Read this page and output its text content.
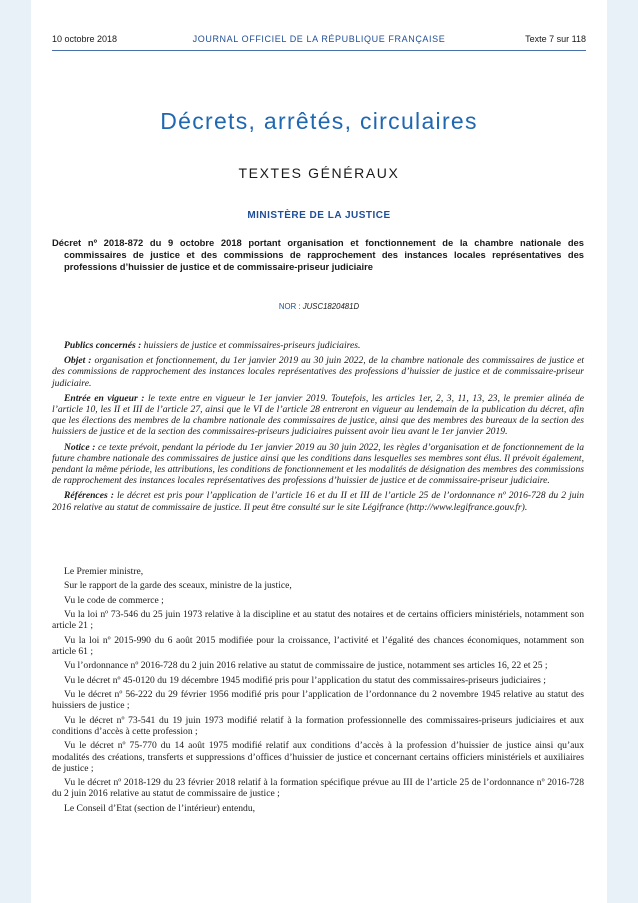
10 octobre 2018	JOURNAL OFFICIEL DE LA RÉPUBLIQUE FRANÇAISE	Texte 7 sur 118
Décrets, arrêtés, circulaires
TEXTES GÉNÉRAUX
MINISTÈRE DE LA JUSTICE
Décret nº 2018-872 du 9 octobre 2018 portant organisation et fonctionnement de la chambre nationale des commissaires de justice et des commissions de rapprochement des instances locales représentatives des professions d’huissier de justice et de commissaire-priseur judiciaire
NOR : JUSC1820481D

Publics concernés : huissiers de justice et commissaires-priseurs judiciaires.

Objet : organisation et fonctionnement, du 1er janvier 2019 au 30 juin 2022, de la chambre nationale des commissaires de justice et des commissions de rapprochement des instances locales représentatives des professions d’huissier de justice et de commissaire-priseur judiciaire.

Entrée en vigueur : le texte entre en vigueur le 1er janvier 2019. Toutefois, les articles 1er, 2, 3, 11, 13, 23, le premier alinéa de l’article 10, les II et III de l’article 27, ainsi que le VI de l’article 28 entreront en vigueur au lendemain de la publication du décret, afin que les élections des membres de la chambre nationale des commissaires de justice, ainsi que des membres des bureaux de la section des huissiers de justice et de la section des commissaires-priseurs judiciaires puissent avoir lieu avant le 1er janvier 2019.

Notice : ce texte prévoit, pendant la période du 1er janvier 2019 au 30 juin 2022, les règles d’organisation et de fonctionnement de la future chambre nationale des commissaires de justice ainsi que les conditions dans lesquelles ses membres sont élus. Il prévoit également, pendant la même période, les attributions, les conditions de fonctionnement et les modalités de désignation des membres des commissions de rapprochement des instances locales représentatives des professions d’huissier de justice et de commissaire-priseur judiciaire.

Références : le décret est pris pour l’application de l’article 16 et du II et III de l’article 25 de l’ordonnance nº 2016-728 du 2 juin 2016 relative au statut de commissaire de justice. Il peut être consulté sur le site Légifrance (http://www.legifrance.gouv.fr).

Le Premier ministre,

Sur le rapport de la garde des sceaux, ministre de la justice,

Vu le code de commerce ;

Vu la loi nº 73-546 du 25 juin 1973 relative à la discipline et au statut des notaires et de certains officiers ministériels, notamment son article 21 ;

Vu la loi nº 2015-990 du 6 août 2015 modifiée pour la croissance, l’activité et l’égalité des chances économiques, notamment son article 61 ;

Vu l’ordonnance nº 2016-728 du 2 juin 2016 relative au statut de commissaire de justice, notamment ses articles 16, 22 et 25 ;

Vu le décret nº 45-0120 du 19 décembre 1945 modifié pris pour l’application du statut des commissaires-priseurs judiciaires ;

Vu le décret nº 56-222 du 29 février 1956 modifié pris pour l’application de l’ordonnance du 2 novembre 1945 relative au statut des huissiers de justice ;

Vu le décret nº 73-541 du 19 juin 1973 modifié relatif à la formation professionnelle des commissaires-priseurs judiciaires et aux conditions d’accès à cette profession ;

Vu le décret nº 75-770 du 14 août 1975 modifié relatif aux conditions d’accès à la profession d’huissier de justice ainsi qu’aux modalités des créations, transferts et suppressions d’offices d’huissier de justice et concernant certains officiers ministériels et auxiliaires de justice ;

Vu le décret nº 2018-129 du 23 février 2018 relatif à la formation spécifique prévue au III de l’article 25 de l’ordonnance nº 2016-728 du 2 juin 2016 relative au statut de commissaire de justice ;

Le Conseil d’Etat (section de l’intérieur) entendu,
